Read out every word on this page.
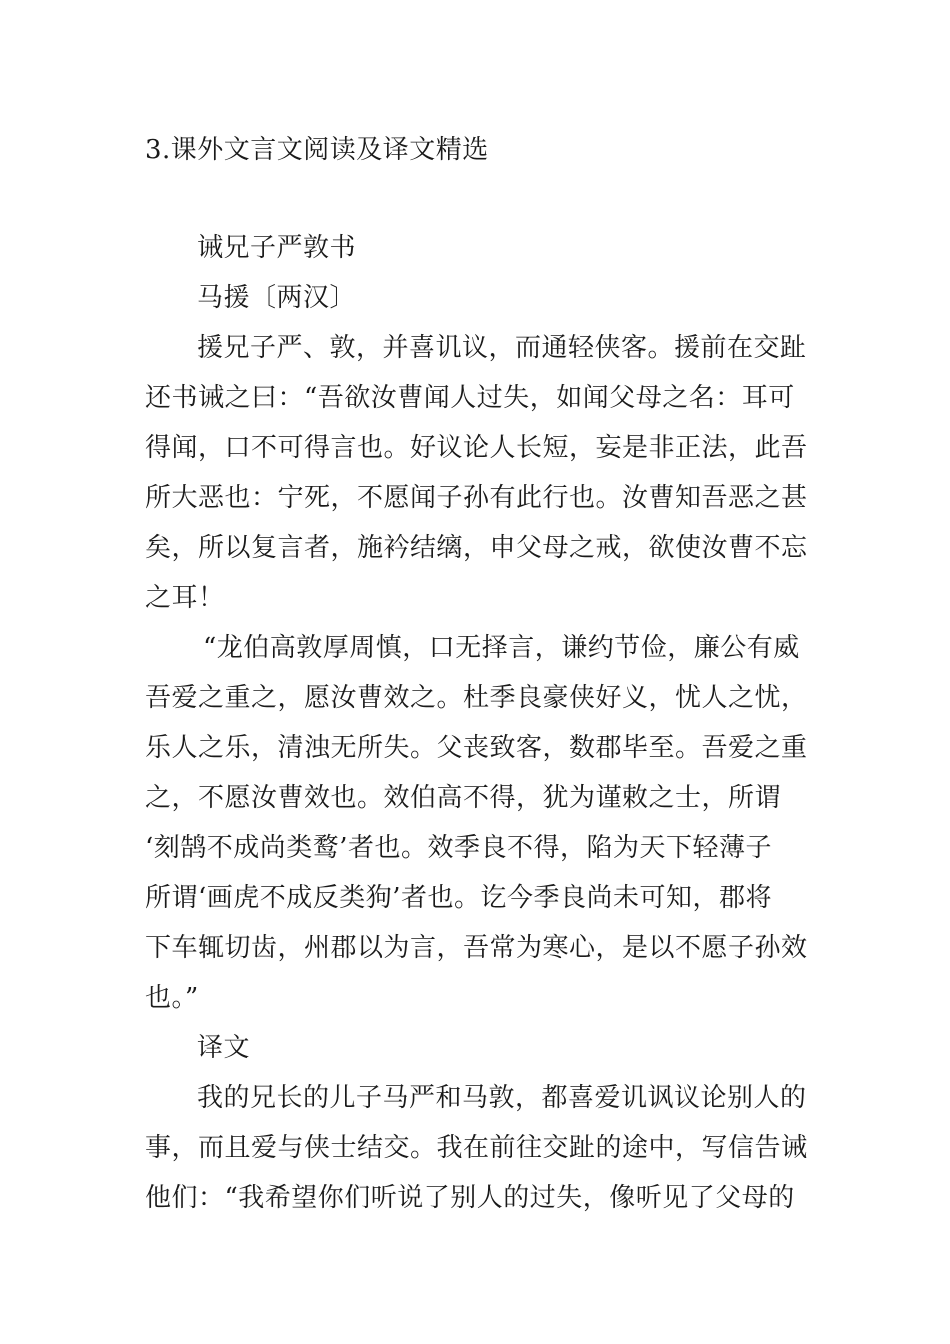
3.课外文言文阅读及译文精选
诫兄子严敦书
马援〔两汉〕
援兄子严、敦，并喜讥议，而通轻侠客。援前在交趾
还书诫之曰：“吾欲汝曹闻人过失，如闻父母之名：耳可
得闻，口不可得言也。好议论人长短，妄是非正法，此吾
所大恶也：宁死，不愿闻子孙有此行也。汝曹知吾恶之甚
矣，所以复言者，施衿结缡，申父母之戒，欲使汝曹不忘
之耳！
“龙伯高敦厚周慎，口无择言，谦约节俭，廉公有威
吾爱之重之，愿汝曹效之。杜季良豪侠好义，忧人之忧，
乐人之乐，清浊无所失。父丧致客，数郡毕至。吾爱之重
之，不愿汝曹效也。效伯高不得，犹为谨敕之士，所谓
‘刻鹄不成尚类鹜’者也。效季良不得，陷为天下轻薄子
所谓‘画虎不成反类狗’者也。讫今季良尚未可知，郡将
下车辄切齿，州郡以为言，吾常为寒心，是以不愿子孙效
也。”
译文
我的兄长的儿子马严和马敦，都喜爱讥讽议论别人的
事，而且爱与侠士结交。我在前往交趾的途中，写信告诫
他们：“我希望你们听说了别人的过失，像听见了父母的
